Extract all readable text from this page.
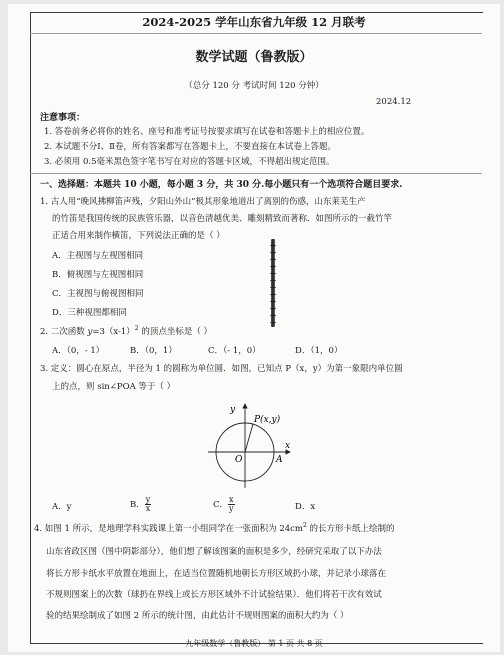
2024-2025 学年山东省九年级 12 月联考
数学试题（鲁教版）
（总分 120 分 考试时间 120 分钟）
2024.12
注意事项：
1. 答卷前务必将你的姓名、座号和准考证号按要求填写在试卷和答题卡上的相应位置。
2. 本试题不分Ⅰ、Ⅱ卷，所有答案都写在答题卡上，不要直接在本试卷上答题。
3. 必须用 0.5毫米黑色签字笔书写在对应的答题卡区域，不得超出规定范围。
一、选择题：本题共 10 小题，每小题 3 分，共 30 分.每小题只有一个选项符合题目要求.
1. 古人用“晚风拂柳笛声残，夕阳山外山”极其形象地道出了离别的伤感，山东莱芜生产
的竹笛是我国传统的民族管乐器，以音色清越优美、雕刻精致而著称．如图所示的一截竹竿
正适合用来制作横笛，下列说法正确的是（ ）
A．主视图与左视图相同
B．俯视图与左视图相同
C．主视图与俯视图相同
D．三种视图都相同
2. 二次函数 $y=3(x-1)^2$ 的顶点坐标是（ ）
A．（0，- 1）	B．（0，1）	C．（- 1，0）	D．（1，0）
3. 定义：圆心在原点，半径为 1 的圆称为单位圆．如图，已知点 P（x，y）为第一象限内单位圆
上的点，则 sin∠POA 等于（ ）
y
P(x,y)
O	A
x
A．y	B． $\frac{y}{x}$	C． $\frac{x}{y}$	D．x
4. 如图 1 所示，是地理学科实践课上第一小组同学在一张面积为 $24cm^2$ 的长方形卡纸上绘制的
山东省政区图（图中阴影部分），他们想了解该图案的面积是多少，经研究采取了以下办法
将长方形卡纸水平放置在地面上，在适当位置随机地朝长方形区域扔小球，并记录小球落在
不规则图案上的次数（球扔在界线上或长方形区域外不计试验结果）．他们将若干次有效试
验的结果绘制成了如图 2 所示的统计图，由此估计不规则图案的面积大约为（ ）
九年级数学（鲁教版） 第 1 页 共 8 页
